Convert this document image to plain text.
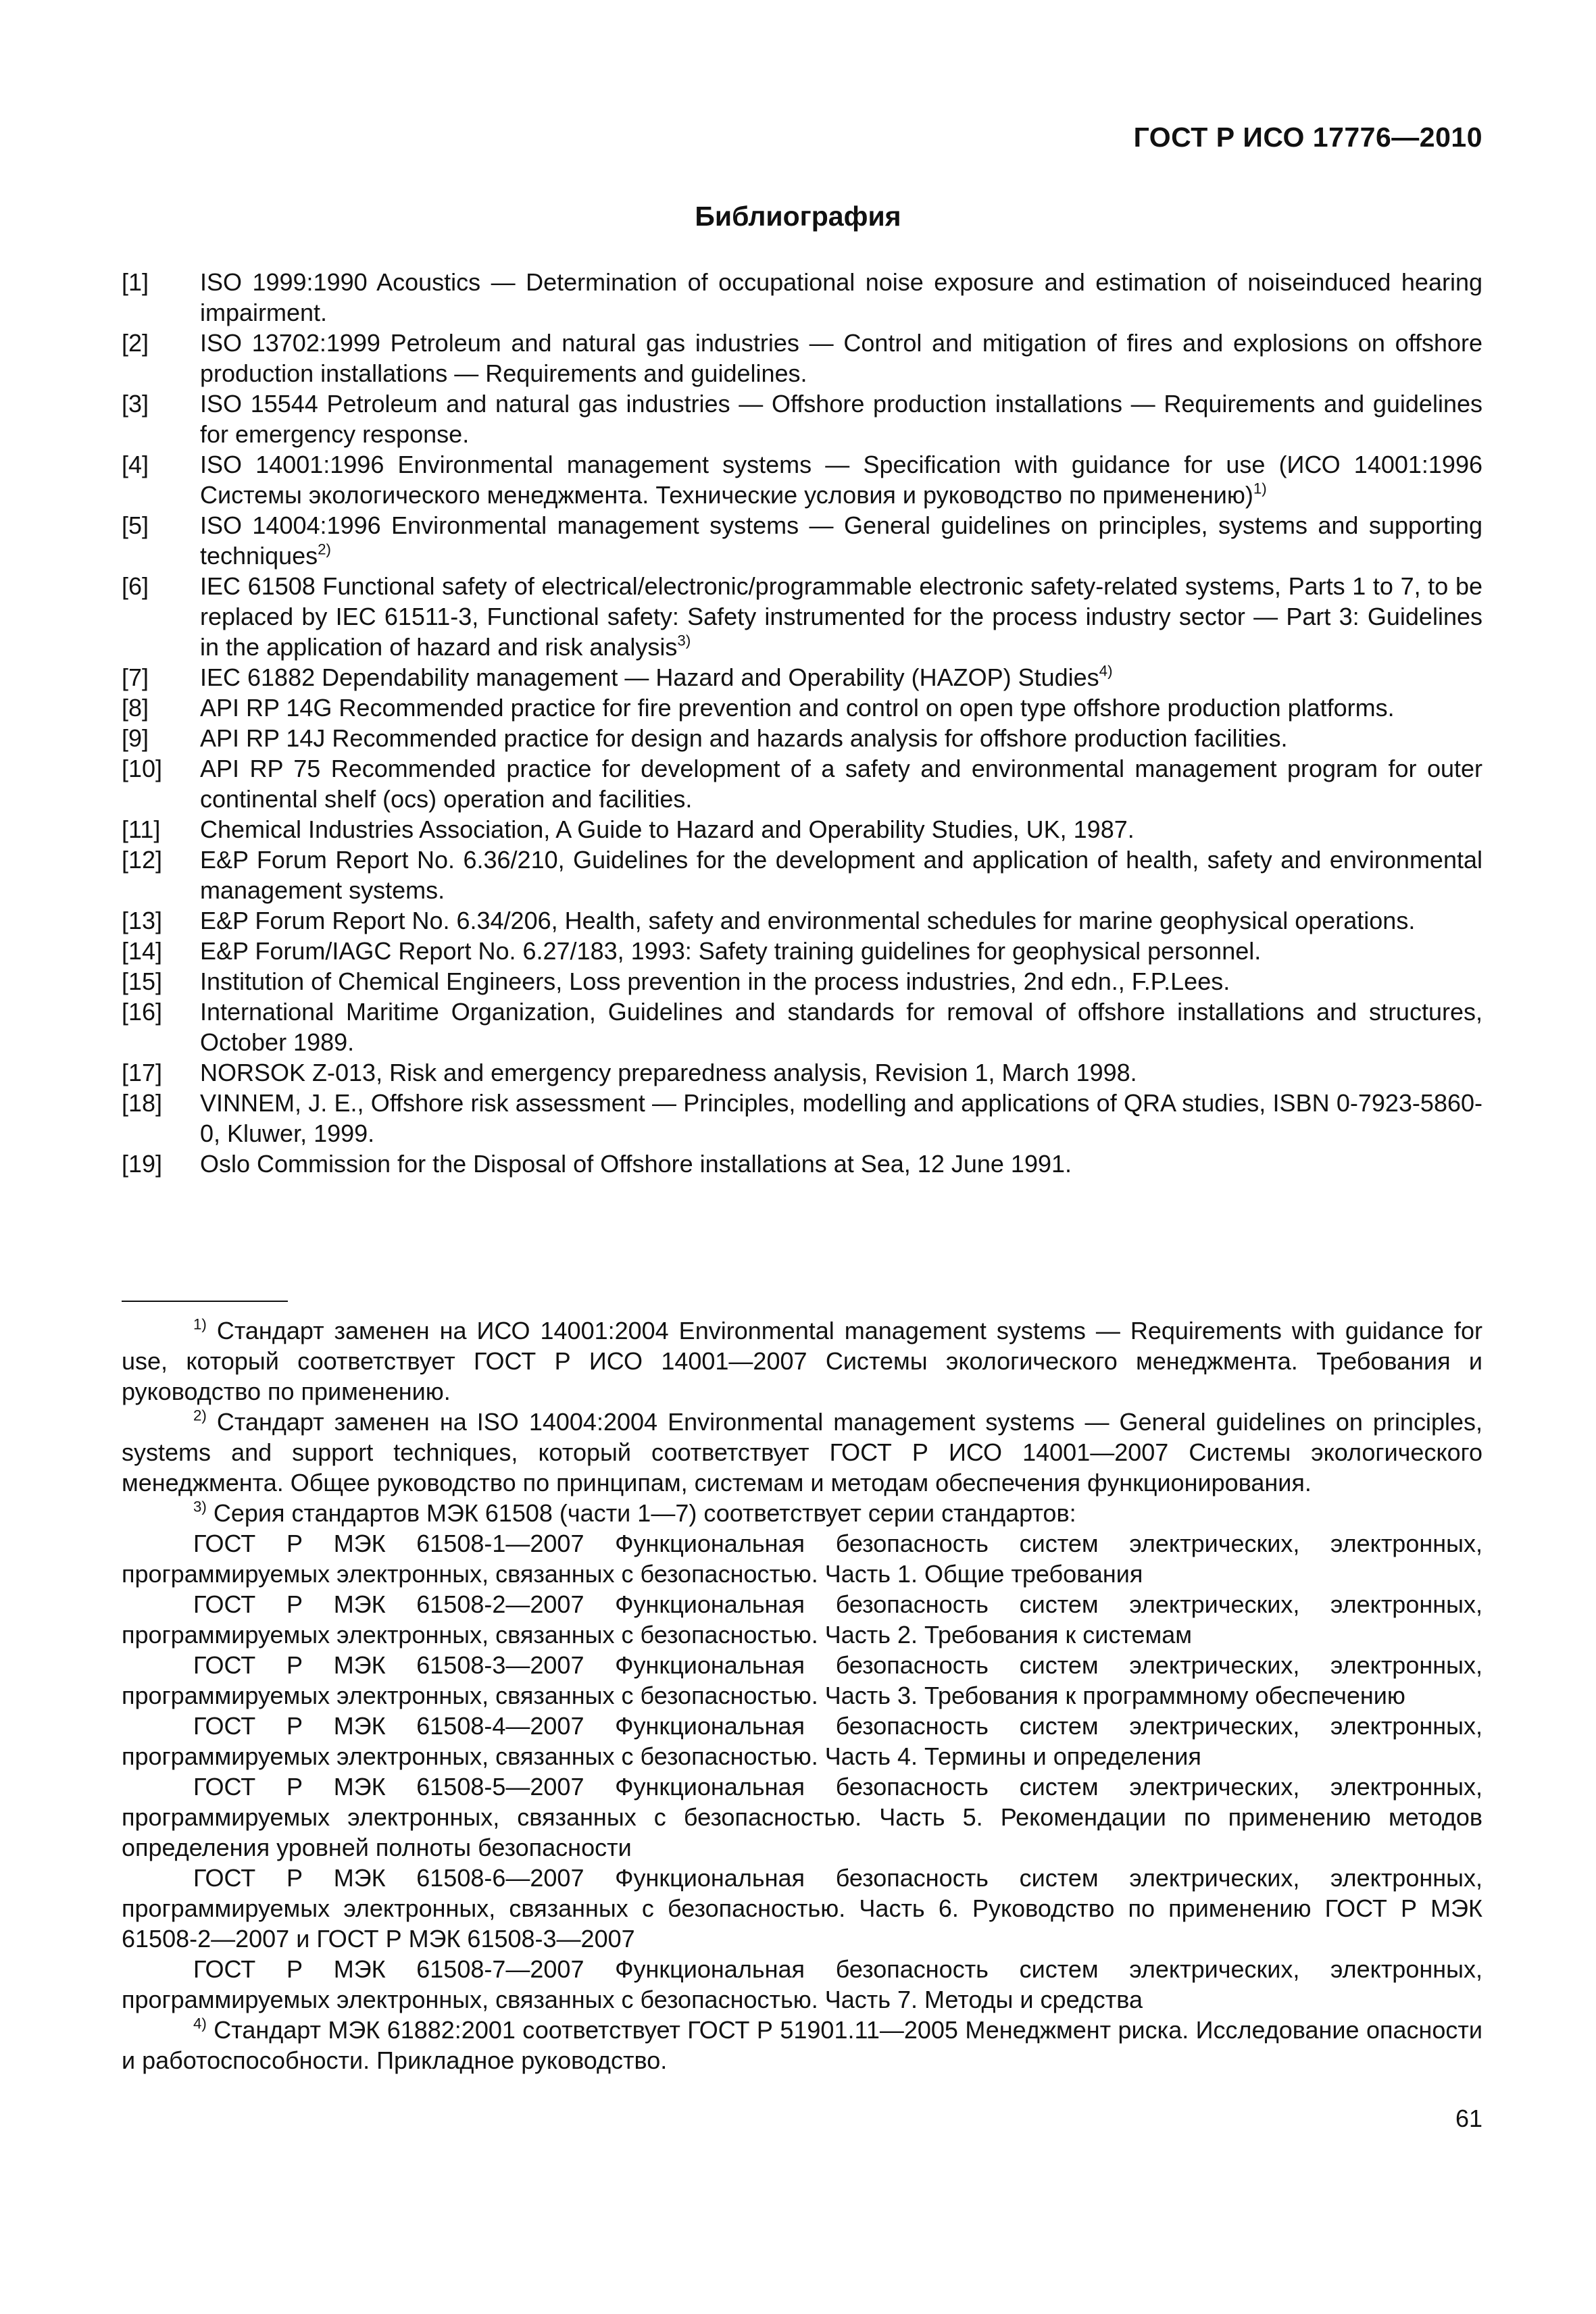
ГОСТ Р ИСО 17776—2010
Библиография
[1]	ISO 1999:1990 Acoustics — Determination of occupational noise exposure and estimation of noiseinduced hearing impairment.
[2]	ISO 13702:1999 Petroleum and natural gas industries — Control and mitigation of fires and explosions on offshore production installations — Requirements and guidelines.
[3]	ISO 15544 Petroleum and natural gas industries — Offshore production installations — Requirements and guidelines for emergency response.
[4]	ISO 14001:1996 Environmental management systems — Specification with guidance for use (ИСО 14001:1996 Системы экологического менеджмента. Технические условия и руководство по применению)$^{1)}$
[5]	ISO 14004:1996 Environmental management systems — General guidelines on principles, systems and supporting techniques$^{2)}$
[6]	IEC 61508 Functional safety of electrical/electronic/programmable electronic safety-related systems, Parts 1 to 7, to be replaced by IEC 61511-3, Functional safety: Safety instrumented for the process industry sector — Part 3: Guidelines in the application of hazard and risk analysis$^{3)}$
[7]	IEC 61882 Dependability management — Hazard and Operability (HAZOP) Studies$^{4)}$
[8]	API RP 14G Recommended practice for fire prevention and control on open type offshore production platforms.
[9]	API RP 14J Recommended practice for design and hazards analysis for offshore production facilities.
[10]	API RP 75 Recommended practice for development of a safety and environmental management program for outer continental shelf (ocs) operation and facilities.
[11]	Chemical Industries Association, A Guide to Hazard and Operability Studies, UK, 1987.
[12]	E&P Forum Report No. 6.36/210, Guidelines for the development and application of health, safety and environmental management systems.
[13]	E&P Forum Report No. 6.34/206, Health, safety and environmental schedules for marine geophysical operations.
[14]	E&P Forum/IAGC Report No. 6.27/183, 1993: Safety training guidelines for geophysical personnel.
[15]	Institution of Chemical Engineers, Loss prevention in the process industries, 2nd edn., F.P.Lees.
[16]	International Maritime Organization, Guidelines and standards for removal of offshore installations and structures, October 1989.
[17]	NORSOK Z-013, Risk and emergency preparedness analysis, Revision 1, March 1998.
[18]	VINNEM, J. E., Offshore risk assessment — Principles, modelling and applications of QRA studies, ISBN 0-7923-5860-0, Kluwer, 1999.
[19]	Oslo Commission for the Disposal of Offshore installations at Sea, 12 June 1991.

$^{1)}$ Стандарт заменен на ИСО 14001:2004 Environmental management systems — Requirements with guidance for use, который соответствует ГОСТ Р ИСО 14001—2007 Системы экологического менеджмента. Требования и руководство по применению.

$^{2)}$ Стандарт заменен на ISO 14004:2004 Environmental management systems — General guidelines on principles, systems and support techniques, который соответствует ГОСТ Р ИСО 14001—2007 Системы экологического менеджмента. Общее руководство по принципам, системам и методам обеспечения функционирования.

$^{3)}$ Серия стандартов МЭК 61508 (части 1—7) соответствует серии стандартов:

ГОСТ Р МЭК 61508-1—2007 Функциональная безопасность систем электрических, электронных, программируемых электронных, связанных с безопасностью. Часть 1. Общие требования

ГОСТ Р МЭК 61508-2—2007 Функциональная безопасность систем электрических, электронных, программируемых электронных, связанных с безопасностью. Часть 2. Требования к системам

ГОСТ Р МЭК 61508-3—2007 Функциональная безопасность систем электрических, электронных, программируемых электронных, связанных с безопасностью. Часть 3. Требования к программному обеспечению

ГОСТ Р МЭК 61508-4—2007 Функциональная безопасность систем электрических, электронных, программируемых электронных, связанных с безопасностью. Часть 4. Термины и определения

ГОСТ Р МЭК 61508-5—2007 Функциональная безопасность систем электрических, электронных, программируемых электронных, связанных с безопасностью. Часть 5. Рекомендации по применению методов определения уровней полноты безопасности

ГОСТ Р МЭК 61508-6—2007 Функциональная безопасность систем электрических, электронных, программируемых электронных, связанных с безопасностью. Часть 6. Руководство по применению ГОСТ Р МЭК 61508-2—2007 и ГОСТ Р МЭК 61508-3—2007

ГОСТ Р МЭК 61508-7—2007 Функциональная безопасность систем электрических, электронных, программируемых электронных, связанных с безопасностью. Часть 7. Методы и средства

$^{4)}$ Стандарт МЭК 61882:2001 соответствует ГОСТ Р 51901.11—2005 Менеджмент риска. Исследование опасности и работоспособности. Прикладное руководство.

61
